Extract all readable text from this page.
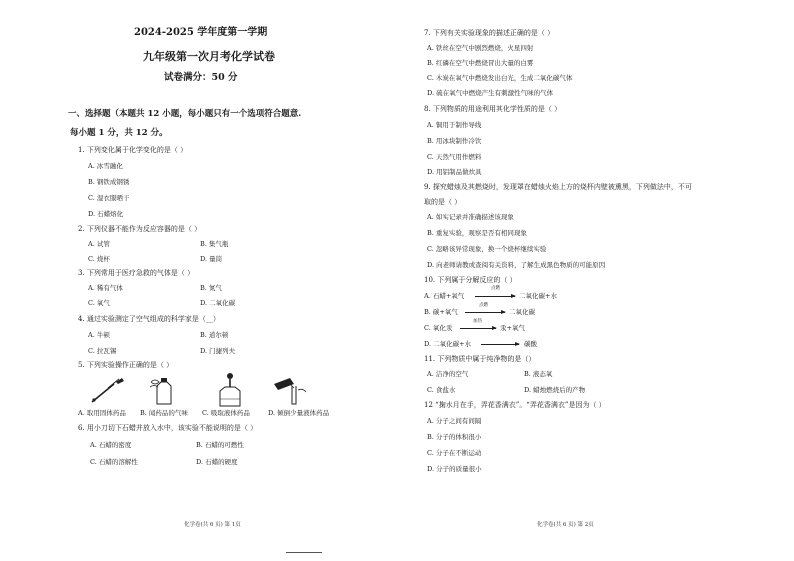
2024-2025 学年度第一学期
九年级第一次月考化学试卷
试卷满分：50 分
一、选择题（本题共 12 小题，每小题只有一个选项符合题意.
每小题 1 分，共 12 分。
1. 下列变化属于化学变化的是（ ）
A. 冰雪融化
B. 钢铁成钢锈
C. 湿衣服晒干
D. 石蜡熔化
2. 下列仪器不能作为反应容器的是（ ）
A. 试管	B. 集气瓶
C. 烧杯	D. 量筒
3. 下列常用于医疗急救的气体是（ ）
A. 稀有气体	B. 氮气
C. 氧气	D. 二氧化碳
4. 通过实验测定了空气组成的科学家是（__）
A. 牛顿	B. 道尔顿
C. 拉瓦锡	D. 门捷列夫
5. 下列实验操作正确的是（ ）
A. 取用固体药品 B. 闻药品的气味 C. 吸取液体药品	D. 倾倒少量液体药品
6. 用小刀切下石蜡并放入水中，该实验不能说明的是（ ）
A. 石蜡的密度	B. 石蜡的可燃性
C. 石蜡的溶解性	D. 石蜡的硬度
化学卷(共 6 页) 第 1页
7. 下列有关实验现象的描述正确的是（ ）
A. 铁丝在空气中剧烈燃烧，火星四射
B. 红磷在空气中燃烧冒出大量的白雾
C. 木炭在氧气中燃烧发出白光，生成二氧化碳气体
D. 硫在氧气中燃烧产生有刺激性气味的气体
8. 下列物质的用途利用其化学性质的是（ ）
A. 铜用于制作导线
B. 用冰块制作冷饮
C. 天然气用作燃料
D. 用铝制品做炊具
9. 探究蜡烛及其燃烧时，发现罩在蜡烛火焰上方的烧杯内壁被熏黑，下列做法中，不可
取的是（ ）
A. 如实记录并准确描述该现象
B. 重复实验，观察是否有相同现象
C. 忽略该异常现象，换一个烧杯继续实验
D. 向老师请教或查阅有关资料，了解生成黑色物质的可能原因
10. 下列属于分解反应的（ ）
A. 石蜡+氧气
点燃
二氧化碳+水
B. 碳+氧气
点燃
二氧化碳
C. 氧化汞
加热
汞+氧气
D. 二氧化碳+水	碳酸
11. 下列物质中属于纯净物的是（）
A. 洁净的空气	B. 液态氧
C. 食盐水	D. 蜡烛燃烧后的产物
12 “掬水月在手，弄花香满衣”。“弄花香满衣”是因为（ ）
A. 分子之间有间隔
B. 分子的体积很小
C. 分子在不断运动
D. 分子的质量很小
化学卷(共 6 页) 第 2页
